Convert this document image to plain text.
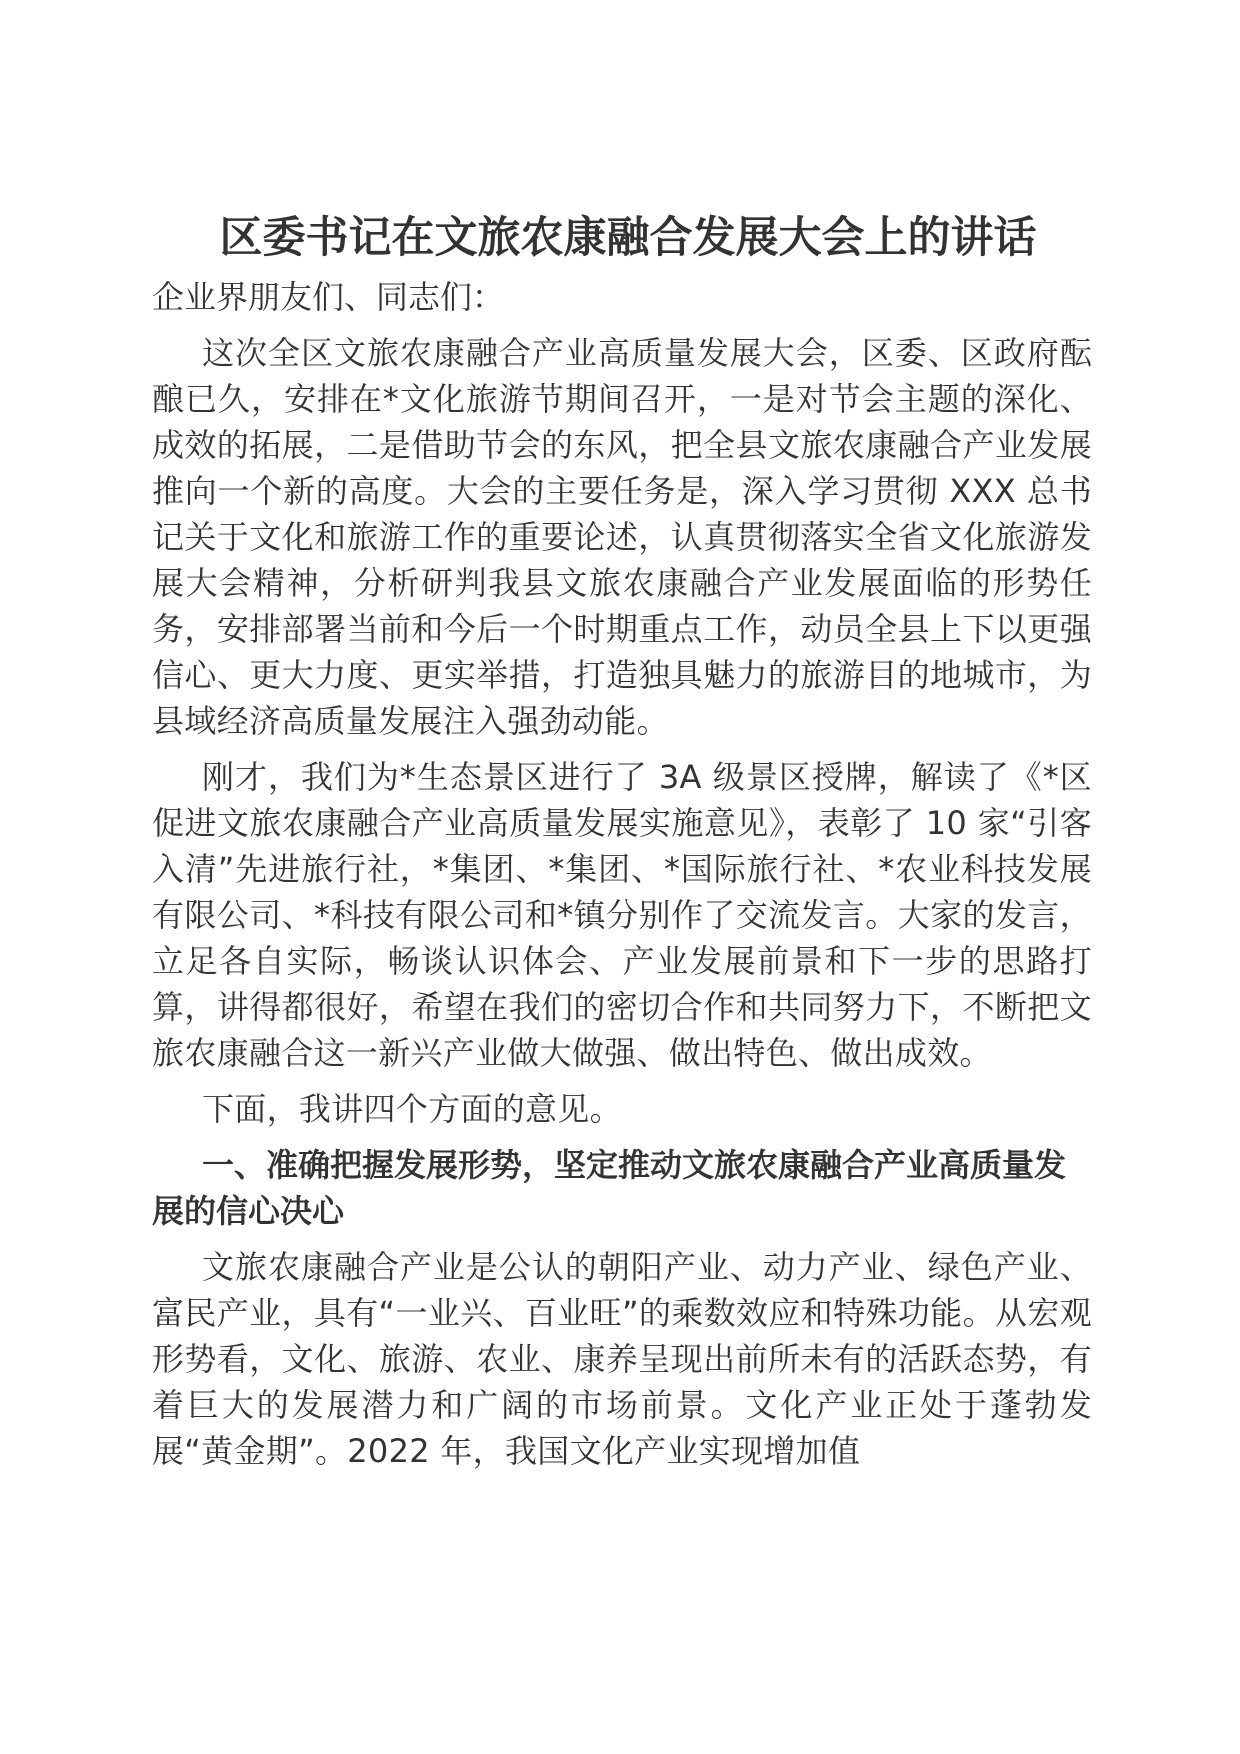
区委书记在文旅农康融合发展大会上的讲话

企业界朋友们、同志们：

这次全区文旅农康融合产业高质量发展大会，区委、区政府酝酿已久，安排在*文化旅游节期间召开，一是对节会主题的深化、成效的拓展，二是借助节会的东风，把全县文旅农康融合产业发展推向一个新的高度。大会的主要任务是，深入学习贯彻 XXX 总书记关于文化和旅游工作的重要论述，认真贯彻落实全省文化旅游发展大会精神，分析研判我县文旅农康融合产业发展面临的形势任务，安排部署当前和今后一个时期重点工作，动员全县上下以更强信心、更大力度、更实举措，打造独具魅力的旅游目的地城市，为县域经济高质量发展注入强劲动能。

刚才，我们为*生态景区进行了 3A 级景区授牌，解读了《*区促进文旅农康融合产业高质量发展实施意见》，表彰了 10 家“引客入清”先进旅行社，*集团、*集团、*国际旅行社、*农业科技发展有限公司、*科技有限公司和*镇分别作了交流发言。大家的发言，立足各自实际，畅谈认识体会、产业发展前景和下一步的思路打算，讲得都很好，希望在我们的密切合作和共同努力下，不断把文旅农康融合这一新兴产业做大做强、做出特色、做出成效。

下面，我讲四个方面的意见。

一、准确把握发展形势，坚定推动文旅农康融合产业高质量发展的信心决心

文旅农康融合产业是公认的朝阳产业、动力产业、绿色产业、富民产业，具有“一业兴、百业旺”的乘数效应和特殊功能。从宏观形势看，文化、旅游、农业、康养呈现出前所未有的活跃态势，有着巨大的发展潜力和广阔的市场前景。文化产业正处于蓬勃发展“黄金期”。2022 年，我国文化产业实现增加值
